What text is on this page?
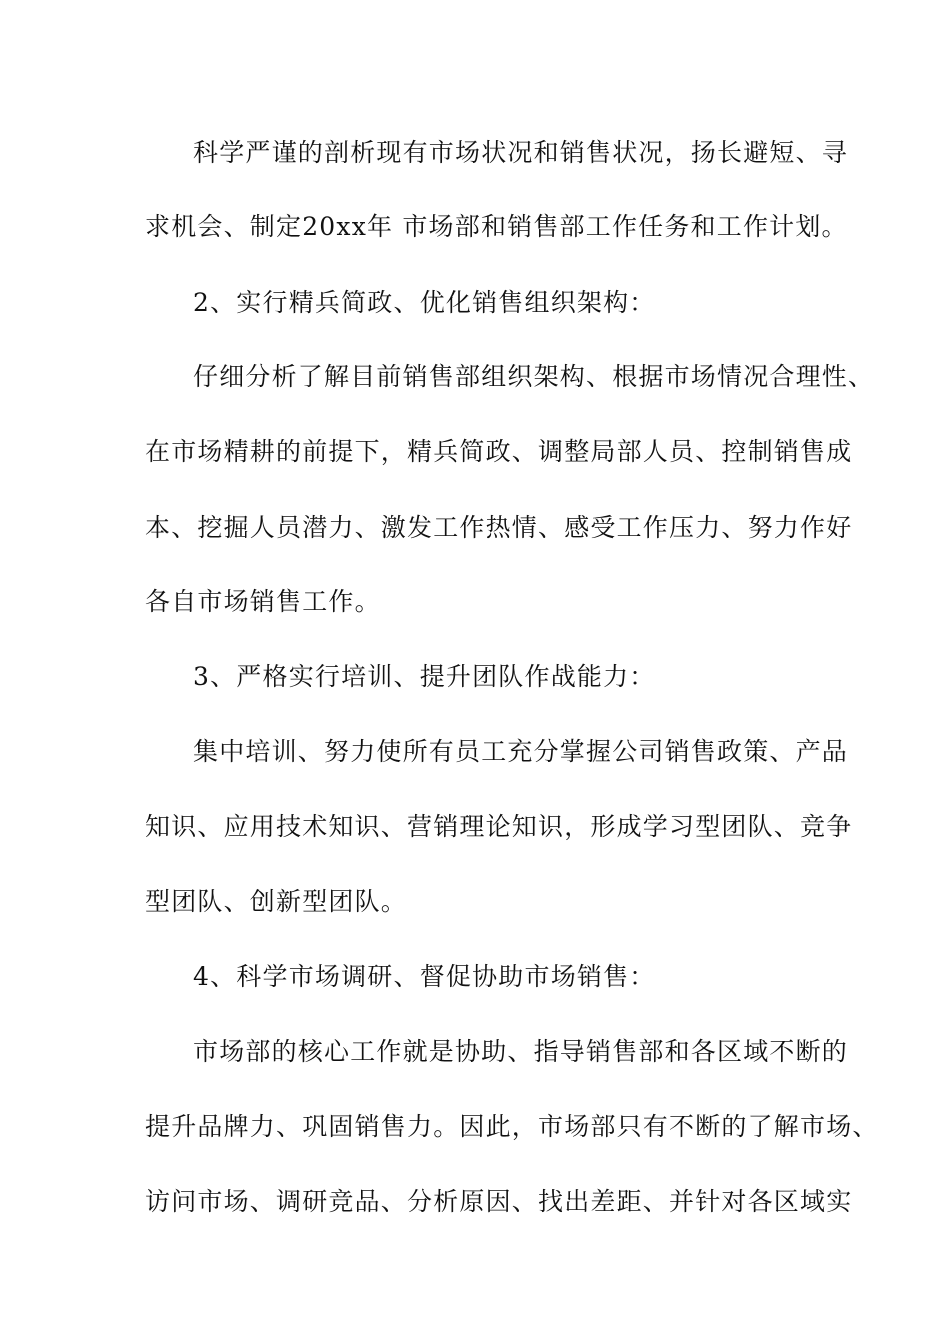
科学严谨的剖析现有市场状况和销售状况，扬长避短、寻
求机会、制定20xx年 市场部和销售部工作任务和工作计划。
2、实行精兵简政、优化销售组织架构：
仔细分析了解目前销售部组织架构、根据市场情况合理性、
在市场精耕的前提下，精兵简政、调整局部人员、控制销售成
本、挖掘人员潜力、激发工作热情、感受工作压力、努力作好
各自市场销售工作。
3、严格实行培训、提升团队作战能力：
集中培训、努力使所有员工充分掌握公司销售政策、产品
知识、应用技术知识、营销理论知识，形成学习型团队、竞争
型团队、创新型团队。
4、科学市场调研、督促协助市场销售：
市场部的核心工作就是协助、指导销售部和各区域不断的
提升品牌力、巩固销售力。因此，市场部只有不断的了解市场、
访问市场、调研竞品、分析原因、找出差距、并针对各区域实
